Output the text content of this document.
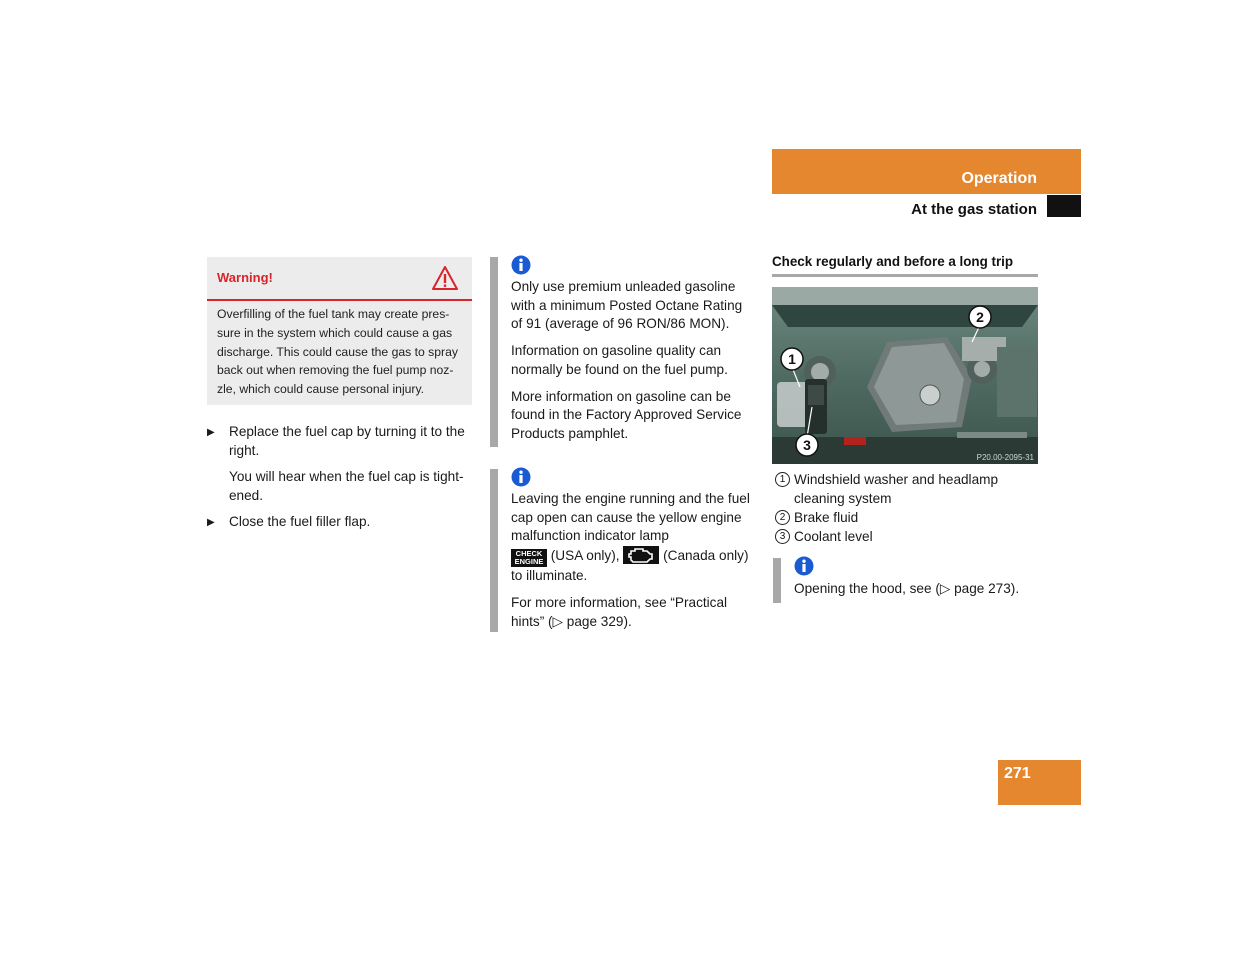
Operation
At the gas station
Warning!
Overfilling of the fuel tank may create pres-
sure in the system which could cause a gas
discharge. This could cause the gas to spray
back out when removing the fuel pump noz-
zle, which could cause personal injury.
▶ Replace the fuel cap by turning it to the
right.
You will hear when the fuel cap is tight-
ened.
▶ Close the fuel filler flap.

Only use premium unleaded gasoline
with a minimum Posted Octane Rating
of 91 (average of 96 RON/86 MON).

Information on gasoline quality can
normally be found on the fuel pump.

More information on gasoline can be
found in the Factory Approved Service
Products pamphlet.

Leaving the engine running and the fuel
cap open can cause the yellow engine
malfunction indicator lamp
CHECK
ENGINE (USA only),	(Canada only)
to illuminate.

For more information, see “Practical
hints” (▷ page 329).

Check regularly and before a long trip
1
2
3
P20.00-2095-31
1 Windshield washer and headlamp
cleaning system
2 Brake fluid
3 Coolant level
Opening the hood, see (▷ page 273).
271
